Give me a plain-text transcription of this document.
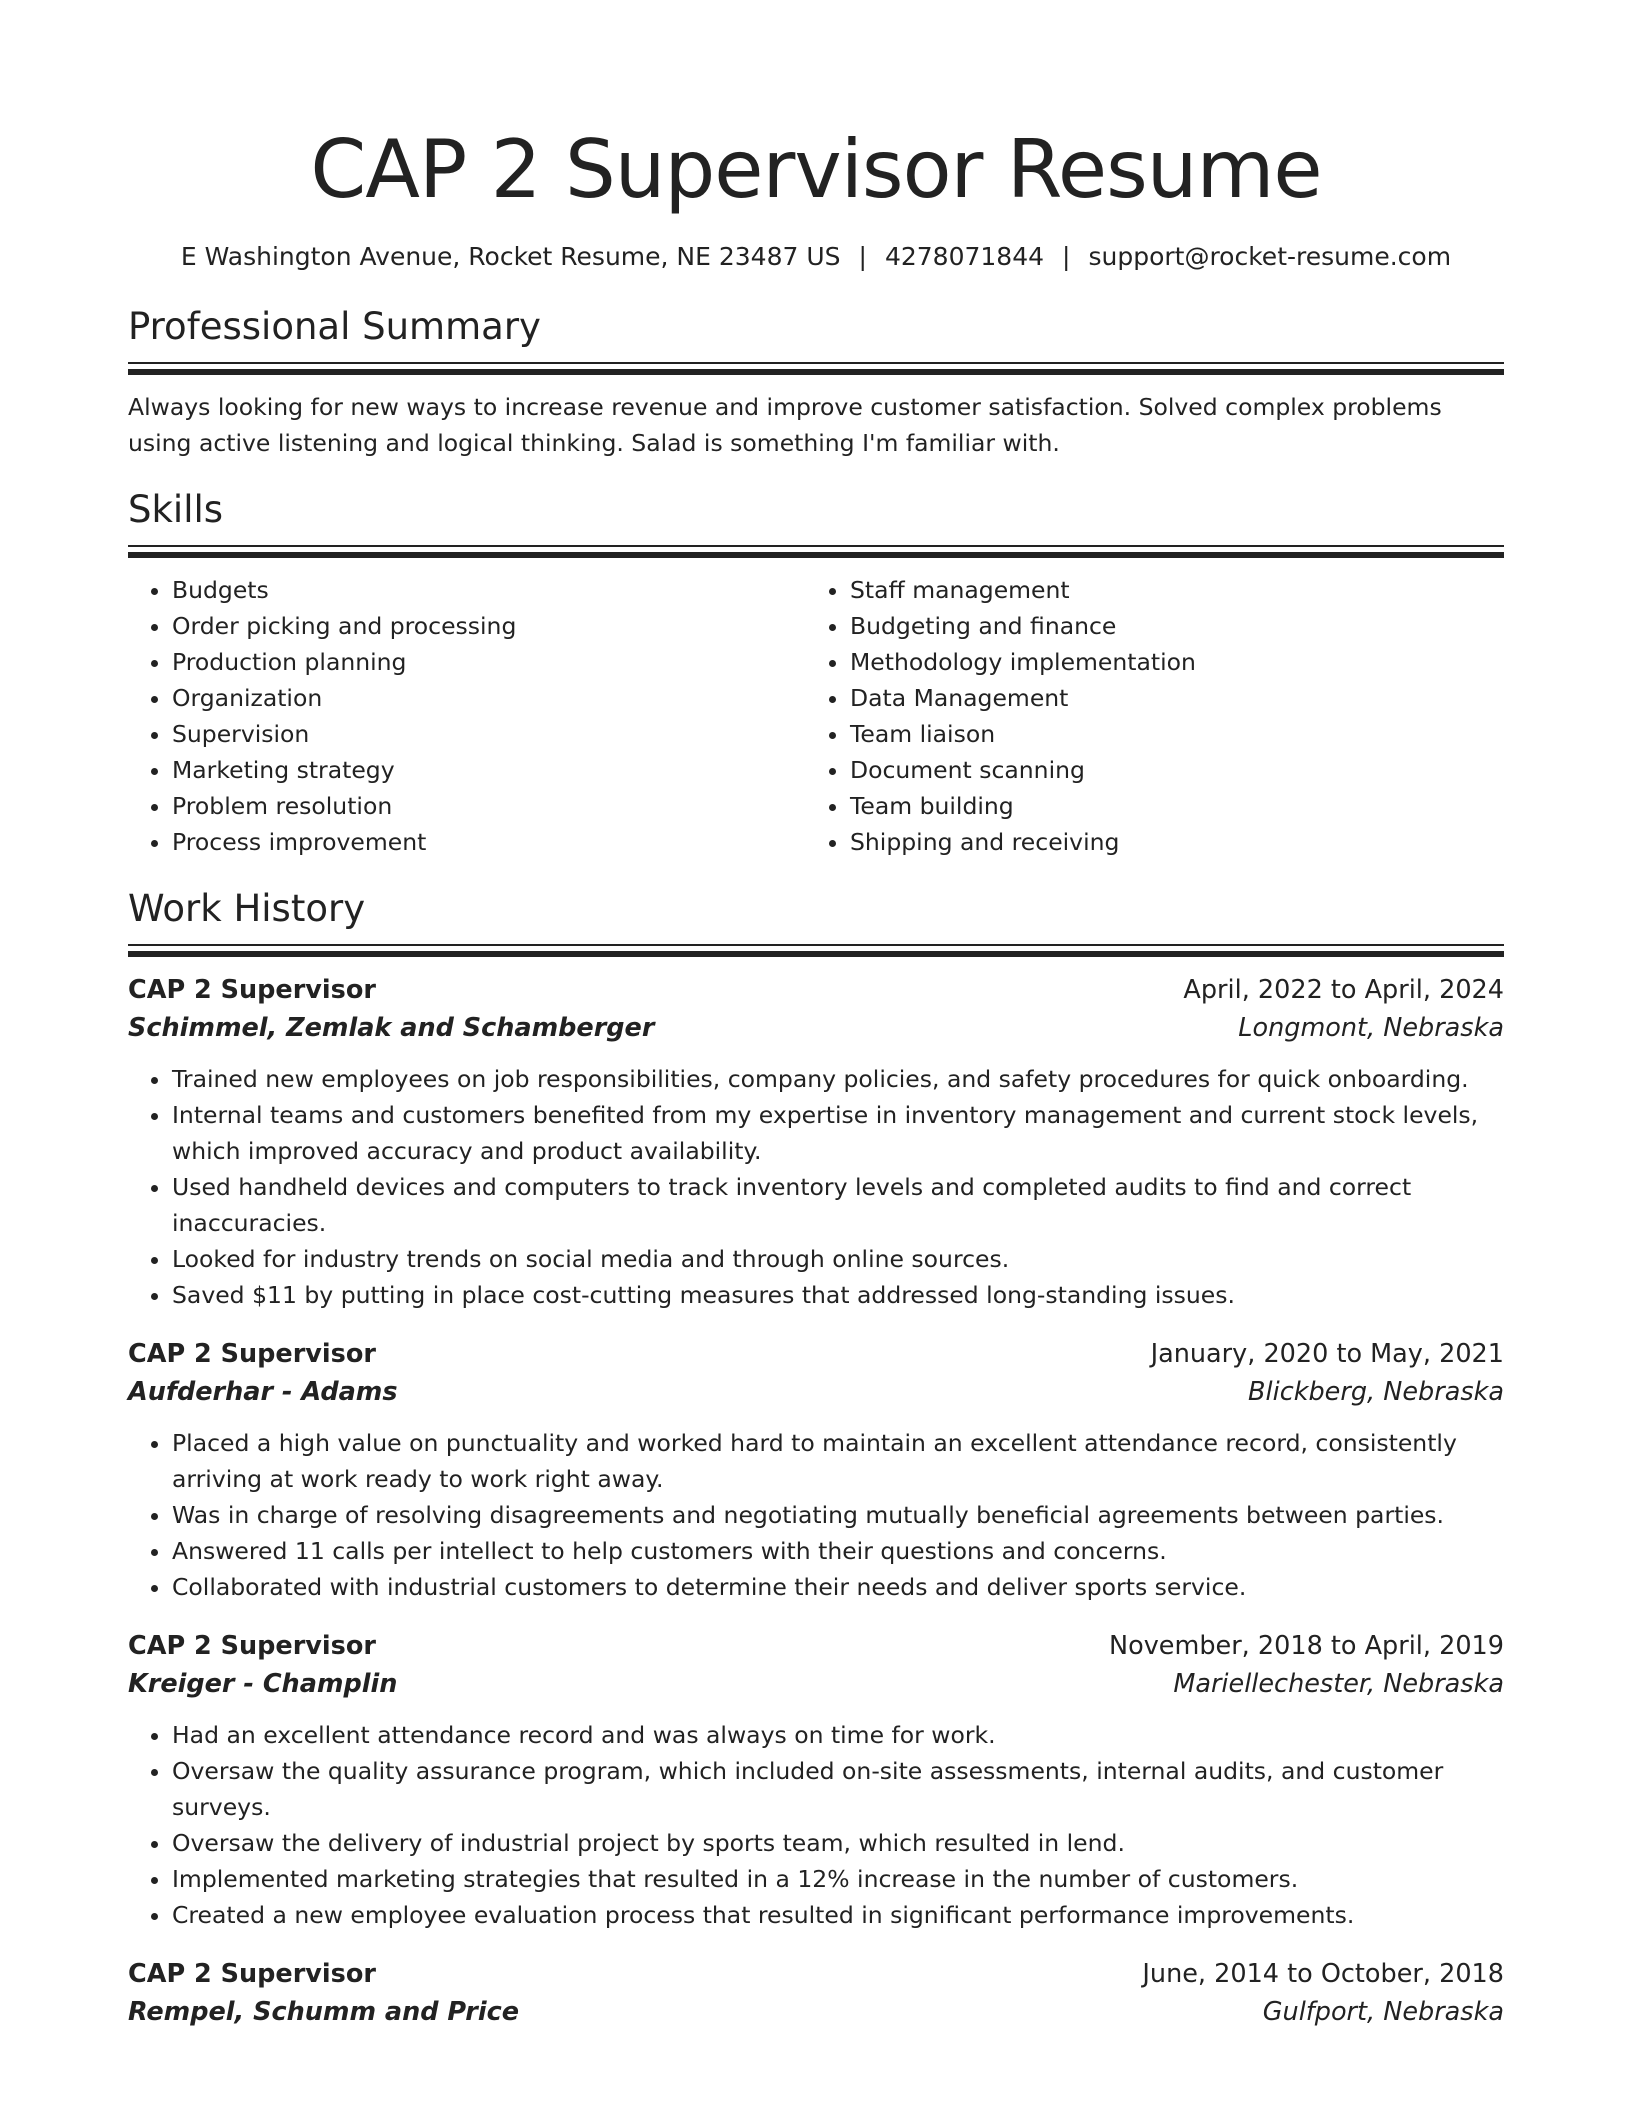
CAP 2 Supervisor Resume
E Washington Avenue, Rocket Resume, NE 23487 US | 4278071844 | support@rocket-resume.com
Professional Summary

Always looking for new ways to increase revenue and improve customer satisfaction. Solved complex problems using active listening and logical thinking. Salad is something I'm familiar with.

Skills
• Budgets
• Order picking and processing
• Production planning
• Organization
• Supervision
• Marketing strategy
• Problem resolution
• Process improvement
• Staff management
• Budgeting and finance
• Methodology implementation
• Data Management
• Team liaison
• Document scanning
• Team building
• Shipping and receiving
Work History
CAP 2 Supervisor	April, 2022 to April, 2024
Schimmel, Zemlak and Schamberger	Longmont, Nebraska
• Trained new employees on job responsibilities, company policies, and safety procedures for quick onboarding.
• Internal teams and customers benefited from my expertise in inventory management and current stock levels, which improved accuracy and product availability.
• Used handheld devices and computers to track inventory levels and completed audits to find and correct inaccuracies.
• Looked for industry trends on social media and through online sources.
• Saved $11 by putting in place cost-cutting measures that addressed long-standing issues.
CAP 2 Supervisor	January, 2020 to May, 2021
Aufderhar - Adams	Blickberg, Nebraska
• Placed a high value on punctuality and worked hard to maintain an excellent attendance record, consistently arriving at work ready to work right away.
• Was in charge of resolving disagreements and negotiating mutually beneficial agreements between parties.
• Answered 11 calls per intellect to help customers with their questions and concerns.
• Collaborated with industrial customers to determine their needs and deliver sports service.
CAP 2 Supervisor	November, 2018 to April, 2019
Kreiger - Champlin	Mariellechester, Nebraska
• Had an excellent attendance record and was always on time for work.
• Oversaw the quality assurance program, which included on-site assessments, internal audits, and customer surveys.
• Oversaw the delivery of industrial project by sports team, which resulted in lend.
• Implemented marketing strategies that resulted in a 12% increase in the number of customers.
• Created a new employee evaluation process that resulted in significant performance improvements.
CAP 2 Supervisor	June, 2014 to October, 2018
Rempel, Schumm and Price	Gulfport, Nebraska
